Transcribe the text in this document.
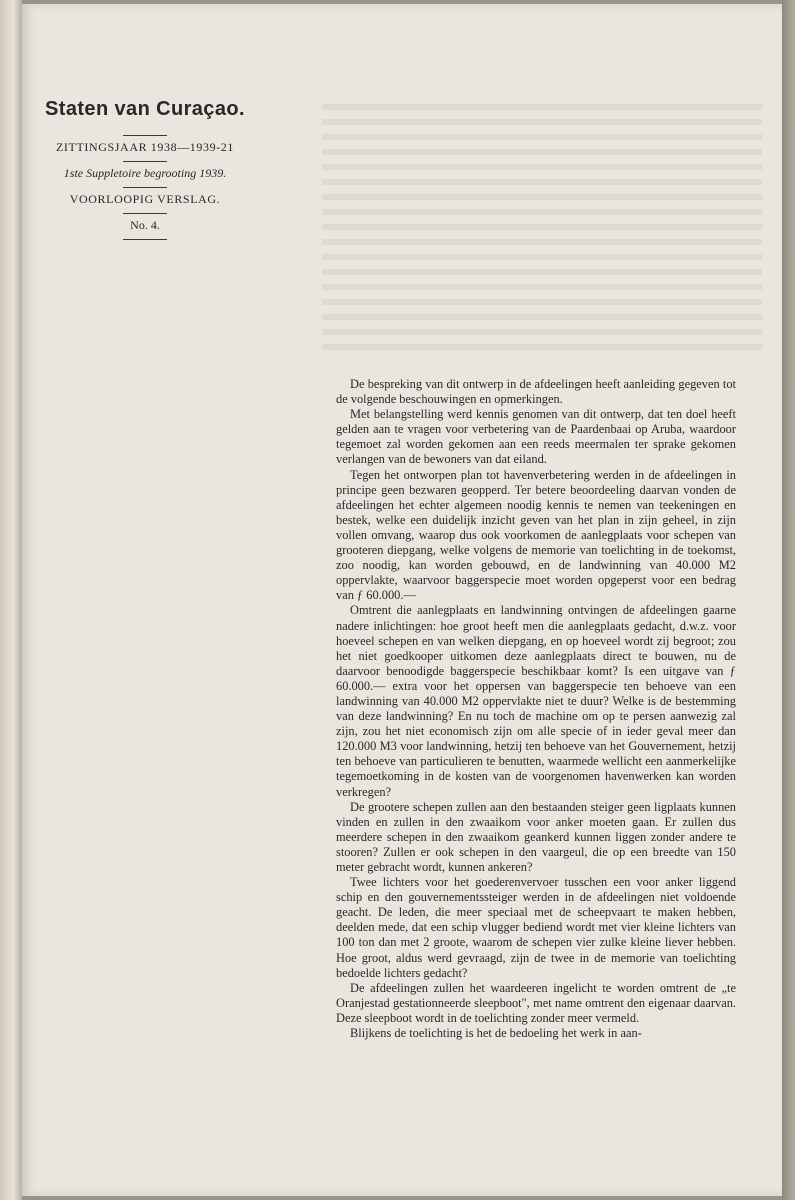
Staten van Curaçao.
ZITTINGSJAAR 1938—1939-21
1ste Suppletoire begrooting 1939.
VOORLOOPIG VERSLAG.
No. 4.

De bespreking van dit ontwerp in de afdeelingen heeft aanleiding gegeven tot de volgende beschouwingen en opmerkingen.

Met belangstelling werd kennis genomen van dit ontwerp, dat ten doel heeft gelden aan te vragen voor verbetering van de Paardenbaai op Aruba, waardoor tegemoet zal worden gekomen aan een reeds meermalen ter sprake gekomen verlangen van de bewoners van dat eiland.

Tegen het ontworpen plan tot havenverbetering werden in de afdeelingen in principe geen bezwaren geopperd. Ter betere beoordeeling daarvan vonden de afdeelingen het echter algemeen noodig kennis te nemen van teekeningen en bestek, welke een duidelijk inzicht geven van het plan in zijn geheel, in zijn vollen omvang, waarop dus ook voorkomen de aanlegplaats voor schepen van grooteren diepgang, welke volgens de memorie van toelichting in de toekomst, zoo noodig, kan worden gebouwd, en de landwinning van 40.000 M2 oppervlakte, waarvoor baggerspecie moet worden opgeperst voor een bedrag van ƒ 60.000.—

Omtrent die aanlegplaats en landwinning ontvingen de afdeelingen gaarne nadere inlichtingen: hoe groot heeft men die aanlegplaats gedacht, d.w.z. voor hoeveel schepen en van welken diepgang, en op hoeveel wordt zij begroot; zou het niet goedkooper uitkomen deze aanlegplaats direct te bouwen, nu de daarvoor benoodigde baggerspecie beschikbaar komt? Is een uitgave van ƒ 60.000.— extra voor het oppersen van baggerspecie ten behoeve van een landwinning van 40.000 M2 oppervlakte niet te duur? Welke is de bestemming van deze landwinning? En nu toch de machine om op te persen aanwezig zal zijn, zou het niet economisch zijn om alle specie of in ieder geval meer dan 120.000 M3 voor landwinning, hetzij ten behoeve van het Gouvernement, hetzij ten behoeve van particulieren te benutten, waarmede wellicht een aanmerkelijke tegemoetkoming in de kosten van de voorgenomen havenwerken kan worden verkregen?

De grootere schepen zullen aan den bestaanden steiger geen ligplaats kunnen vinden en zullen in den zwaaikom voor anker moeten gaan. Er zullen dus meerdere schepen in den zwaaikom geankerd kunnen liggen zonder andere te stooren? Zullen er ook schepen in den vaargeul, die op een breedte van 150 meter gebracht wordt, kunnen ankeren?

Twee lichters voor het goederenvervoer tusschen een voor anker liggend schip en den gouvernementssteiger werden in de afdeelingen niet voldoende geacht. De leden, die meer speciaal met de scheepvaart te maken hebben, deelden mede, dat een schip vlugger bediend wordt met vier kleine lichters van 100 ton dan met 2 groote, waarom de schepen vier zulke kleine liever hebben. Hoe groot, aldus werd gevraagd, zijn de twee in de memorie van toelichting bedoelde lichters gedacht?

De afdeelingen zullen het waardeeren ingelicht te worden omtrent de „te Oranjestad gestationneerde sleepboot", met name omtrent den eigenaar daarvan. Deze sleepboot wordt in de toelichting zonder meer vermeld.

Blijkens de toelichting is het de bedoeling het werk in aan-
